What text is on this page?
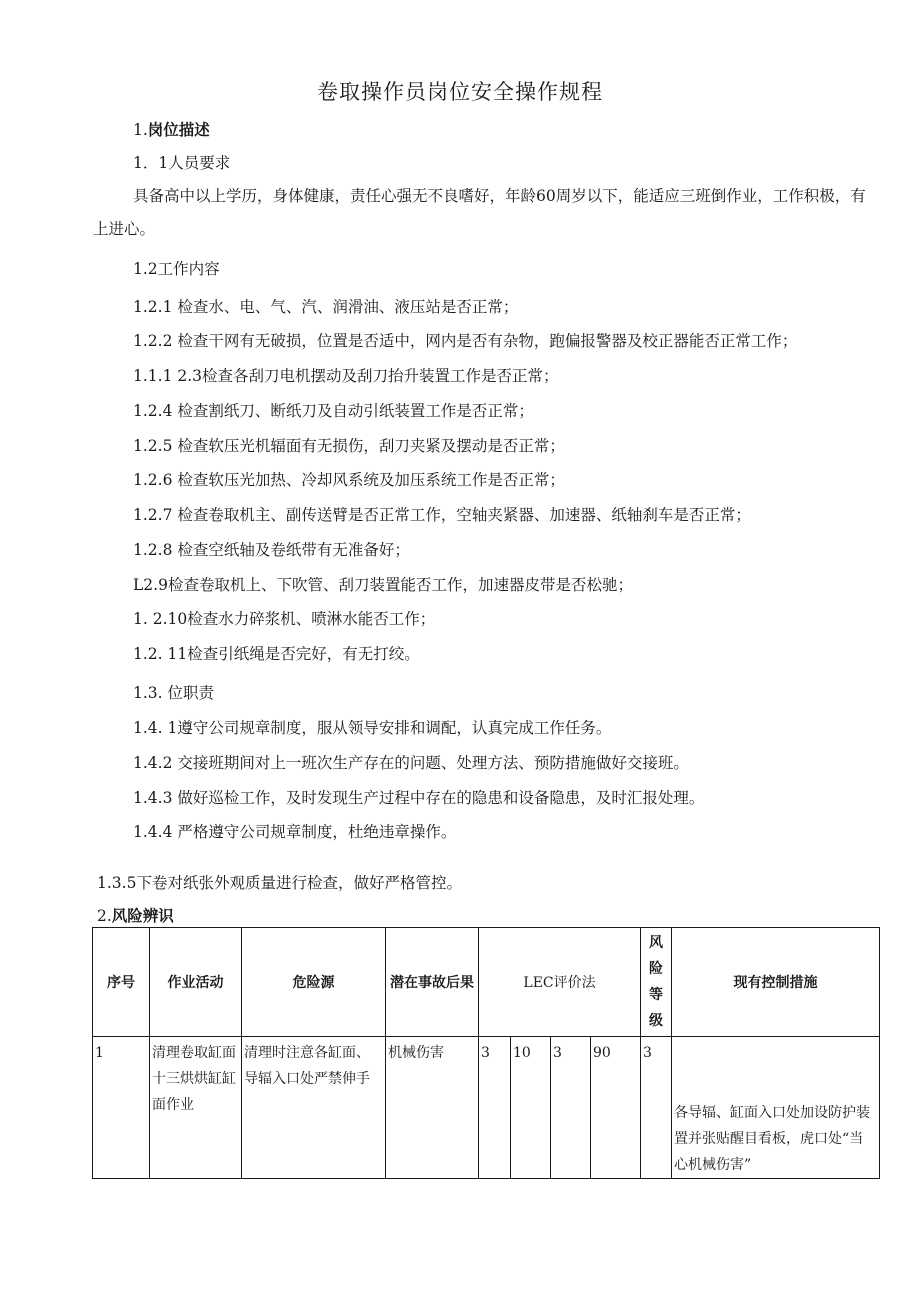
卷取操作员岗位安全操作规程
1.岗位描述
1．1人员要求
具备高中以上学历，身体健康，责任心强无不良嗜好，年龄60周岁以下，能适应三班倒作业，工作积极，有上进心。
1.2工作内容
1.2.1 检查水、电、气、汽、润滑油、液压站是否正常；
1.2.2 检查干网有无破损，位置是否适中，网内是否有杂物，跑偏报警器及校正器能否正常工作；
1.1.1 2.3检查各刮刀电机摆动及刮刀抬升装置工作是否正常；
1.2.4 检查割纸刀、断纸刀及自动引纸装置工作是否正常；
1.2.5 检查软压光机辐面有无损伤，刮刀夹紧及摆动是否正常；
1.2.6 检查软压光加热、冷却风系统及加压系统工作是否正常；
1.2.7 检查卷取机主、副传送臂是否正常工作，空轴夹紧器、加速器、纸轴刹车是否正常；
1.2.8 检查空纸轴及卷纸带有无准备好；
L2.9检查卷取机上、下吹管、刮刀装置能否工作，加速器皮带是否松驰；
1. 2.10检查水力碎浆机、喷淋水能否工作；
1.2. 11检查引纸绳是否完好，有无打绞。
1.3. 位职责
1.4. 1遵守公司规章制度，服从领导安排和调配，认真完成工作任务。
1.4.2 交接班期间对上一班次生产存在的问题、处理方法、预防措施做好交接班。
1.4.3 做好巡检工作，及时发现生产过程中存在的隐患和设备隐患，及时汇报处理。
1.4.4 严格遵守公司规章制度，杜绝违章操作。
1.3.5下卷对纸张外观质量进行检查，做好严格管控。
2.风险辨识
序号	作业活动	危险源	潜在事故后果	LEC评价法				风
险
等
级	现有控制措施
1	清理卷取缸面十三烘烘缸缸面作业	清理时注意各缸面、导辐入口处严禁伸手	机械伤害	3	10	3	90	3	各导辐、缸面入口处加设防护装置并张贴醒目看板，虎口处“当心机械伤害”
